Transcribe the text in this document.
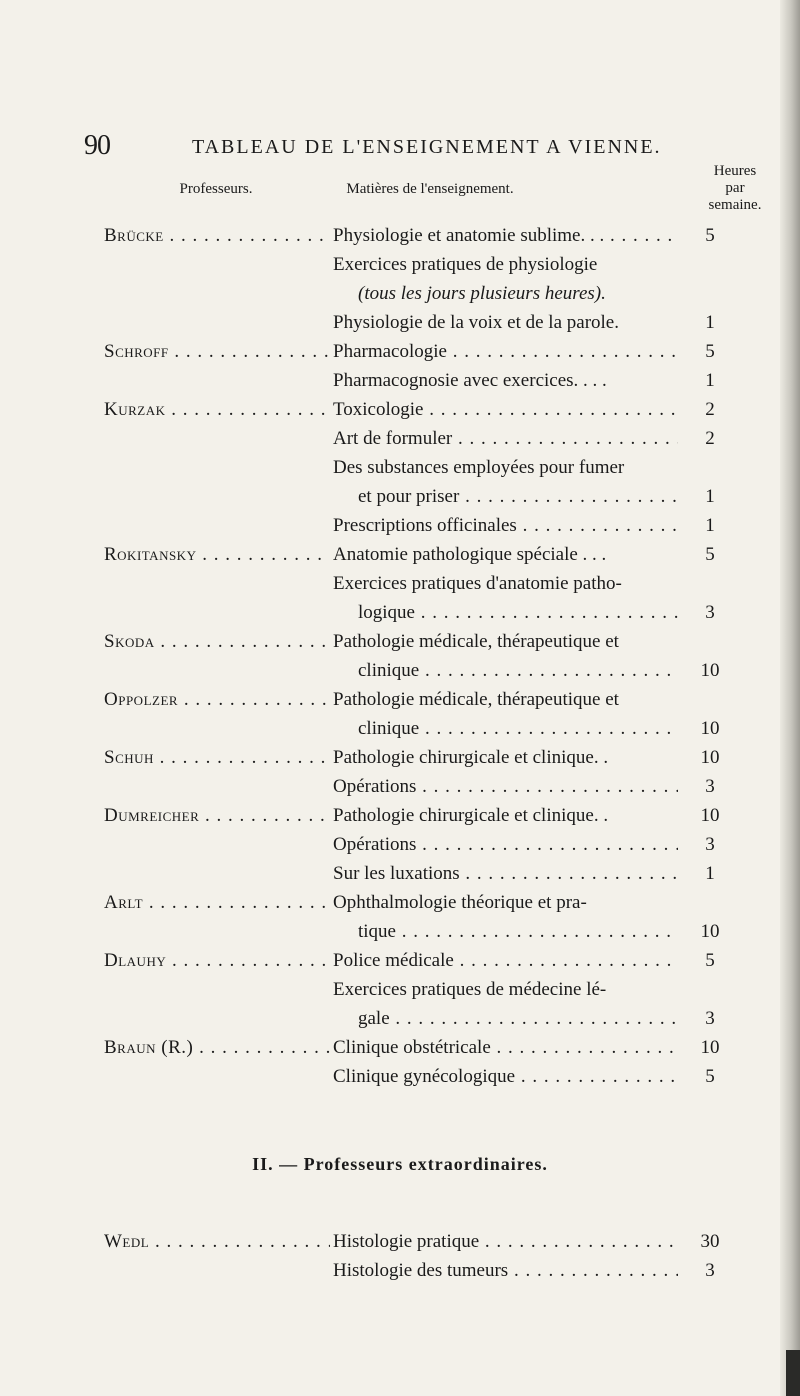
90	TABLEAU DE L'ENSEIGNEMENT A VIENNE.
Professeurs.	Matières de l'enseignement.
Heures
par
semaine.
Brücke . . .	Physiologie et anatomie sublime. . . . . .	5
Exercices pratiques de physiologie
(tous les jours plusieurs heures).
Physiologie de la voix et de la parole.	1
Schroff . . .	Pharmacologie . . .	5
Pharmacognosie avec exercices. . . .	1
Kurzak . . .	Toxicologie . . .	2
Art de formuler . . .	2
Des substances employées pour fumer
et pour priser . . .	1
Prescriptions officinales . . .	1
Rokitansky . . .	Anatomie pathologique spéciale . . .	5
Exercices pratiques d'anatomie patho-
logique . . .	3
Skoda . . .	Pathologie médicale, thérapeutique et
clinique . . .	10
Oppolzer . . .	Pathologie médicale, thérapeutique et
clinique . . .	10
Schuh . . .	Pathologie chirurgicale et clinique. .	10
Opérations . . .	3
Dumreicher . . .	Pathologie chirurgicale et clinique. .	10
Opérations . . .	3
Sur les luxations . . .	1
Arlt . . .	Ophthalmologie théorique et pra-
tique . . .	10
Dlauhy . . .	Police médicale . . .	5
Exercices pratiques de médecine lé-
gale . . .	3
Braun (R.) . . .	Clinique obstétricale . . .	10
Clinique gynécologique . . .	5
II. — Professeurs extraordinaires.
Wedl . . .	Histologie pratique . . .	30
Histologie des tumeurs . . .	3
